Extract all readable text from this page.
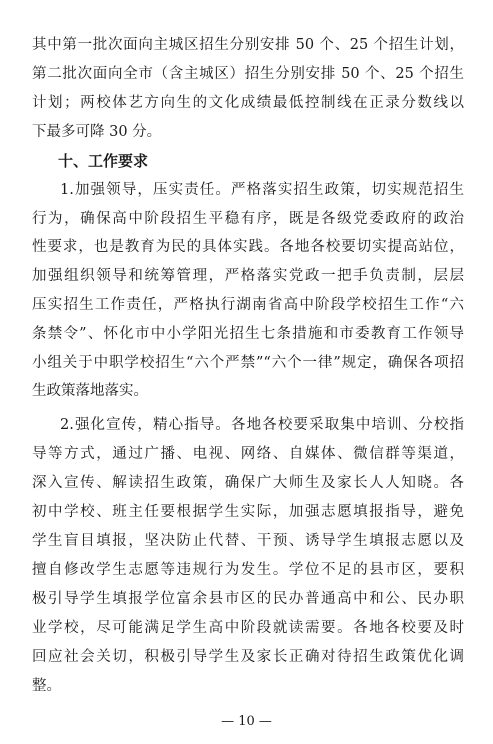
其中第一批次面向主城区招生分别安排 50 个、25 个招生计划，
第二批次面向全市（含主城区）招生分别安排 50 个、25 个招生
计划；两校体艺方向生的文化成绩最低控制线在正录分数线以
下最多可降 30 分。
十、工作要求
1.加强领导，压实责任。严格落实招生政策，切实规范招生
行为，确保高中阶段招生平稳有序，既是各级党委政府的政治
性要求，也是教育为民的具体实践。各地各校要切实提高站位，
加强组织领导和统筹管理，严格落实党政一把手负责制，层层
压实招生工作责任，严格执行湖南省高中阶段学校招生工作“六
条禁令”、怀化市中小学阳光招生七条措施和市委教育工作领导
小组关于中职学校招生“六个严禁”“六个一律”规定，确保各项招
生政策落地落实。
2.强化宣传，精心指导。各地各校要采取集中培训、分校指
导等方式，通过广播、电视、网络、自媒体、微信群等渠道，
深入宣传、解读招生政策，确保广大师生及家长人人知晓。各
初中学校、班主任要根据学生实际，加强志愿填报指导，避免
学生盲目填报，坚决防止代替、干预、诱导学生填报志愿以及
擅自修改学生志愿等违规行为发生。学位不足的县市区，要积
极引导学生填报学位富余县市区的民办普通高中和公、民办职
业学校，尽可能满足学生高中阶段就读需要。各地各校要及时
回应社会关切，积极引导学生及家长正确对待招生政策优化调
整。
— 10 —
